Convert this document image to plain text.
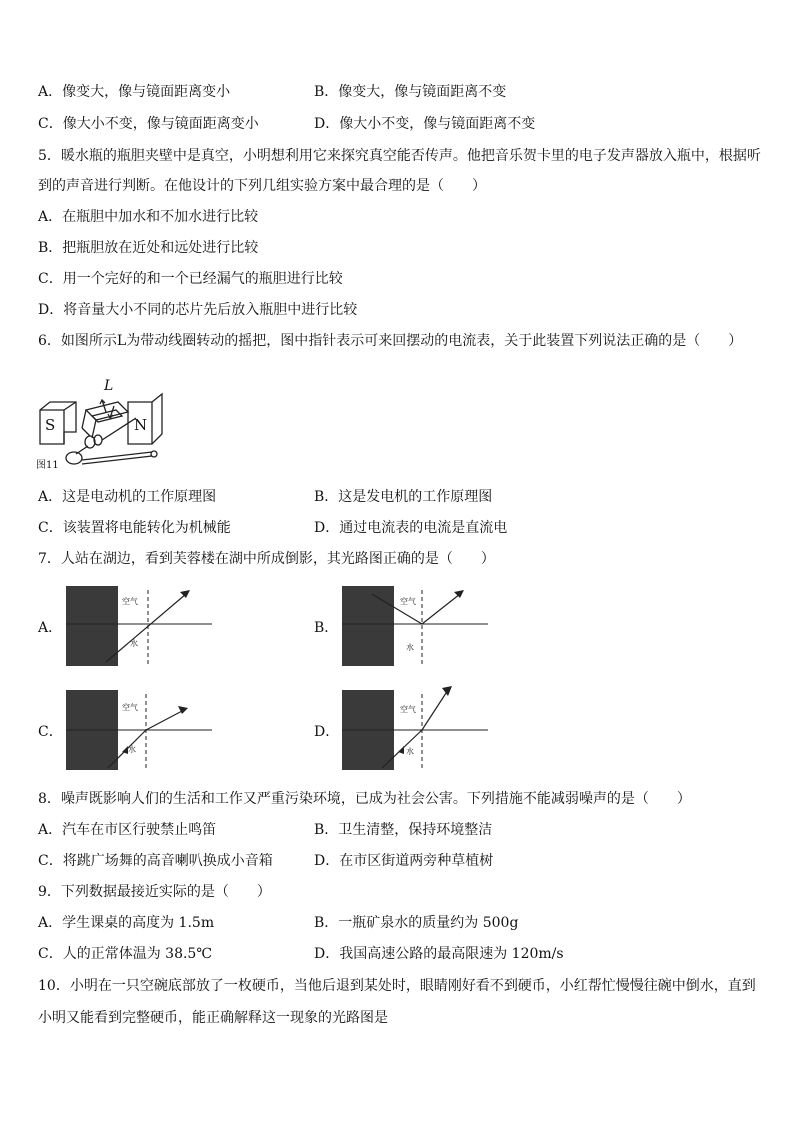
A．像变大，像与镜面距离变小	B．像变大，像与镜面距离不变
C．像大小不变，像与镜面距离变小	D．像大小不变，像与镜面距离不变
5．暖水瓶的瓶胆夹壁中是真空，小明想利用它来探究真空能否传声。他把音乐贺卡里的电子发声器放入瓶中，根据听
到的声音进行判断。在他设计的下列几组实验方案中最合理的是（　　）
A．在瓶胆中加水和不加水进行比较
B．把瓶胆放在近处和远处进行比较
C．用一个完好的和一个已经漏气的瓶胆进行比较
D．将音量大小不同的芯片先后放入瓶胆中进行比较
6．如图所示L为带动线圈转动的摇把，图中指针表示可来回摆动的电流表，关于此装置下列说法正确的是（　　）
S	N
L
图11
A．这是电动机的工作原理图	B．这是发电机的工作原理图
C．该装置将电能转化为机械能	D．通过电流表的电流是直流电
7．人站在湖边，看到芙蓉楼在湖中所成倒影，其光路图正确的是（　　）
A．
空气
水
B．
空气
水
C．
空气
水
D．
空气
水
8．噪声既影响人们的生活和工作又严重污染环境，已成为社会公害。下列措施不能减弱噪声的是（　　）
A．汽车在市区行驶禁止鸣笛	B．卫生清整，保持环境整洁
C．将跳广场舞的高音喇叭换成小音箱	D．在市区街道两旁种草植树
9．下列数据最接近实际的是（　　）
A．学生课桌的高度为 1.5m	B．一瓶矿泉水的质量约为 500g
C．人的正常体温为 38.5℃	D．我国高速公路的最高限速为 120m/s
10．小明在一只空碗底部放了一枚硬币，当他后退到某处时，眼睛刚好看不到硬币，小红帮忙慢慢往碗中倒水，直到
小明又能看到完整硬币，能正确解释这一现象的光路图是
